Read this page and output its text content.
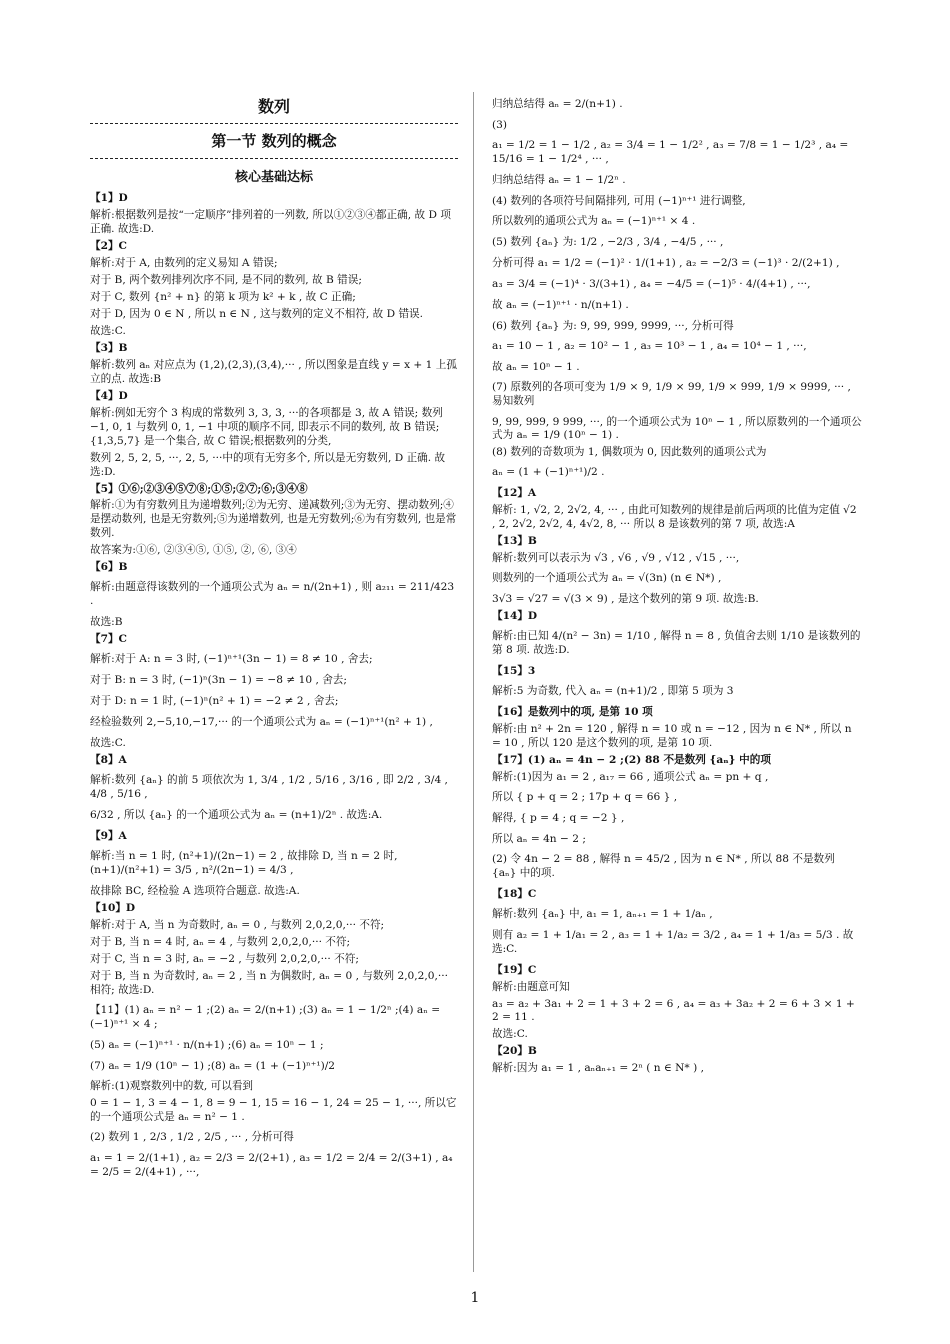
数列
第一节 数列的概念
核心基础达标
【1】D
解析:根据数列是按“一定顺序”排列着的一列数, 所以①②③④都正确, 故 D 项正确. 故选:D.
【2】C
解析:对于 A, 由数列的定义易知 A 错误;
对于 B, 两个数列排列次序不同, 是不同的数列, 故 B 错误;
对于 C, 数列 {n² + n} 的第 k 项为 k² + k , 故 C 正确;
对于 D, 因为 0 ∈ N , 所以 n ∈ N , 这与数列的定义不相符, 故 D 错误.
故选:C.
【3】B
解析:数列 aₙ 对应点为 (1,2),(2,3),(3,4),··· , 所以图象是直线 y = x + 1 上孤立的点. 故选:B
【4】D
解析:例如无穷个 3 构成的常数列 3, 3, 3, ···的各项都是 3, 故 A 错误; 数列 −1, 0, 1 与数列 0, 1, −1 中项的顺序不同, 即表示不同的数列, 故 B 错误; {1,3,5,7} 是一个集合, 故 C 错误;根据数列的分类,
数列 2, 5, 2, 5, ···, 2, 5, ···中的项有无穷多个, 所以是无穷数列, D 正确. 故选:D.
【5】①⑥;②③④⑤⑦⑧;①⑤;②⑦;⑥;③④⑧
解析:①为有穷数列且为递增数列;②为无穷、递减数列;③为无穷、摆动数列;④是摆动数列, 也是无穷数列;⑤为递增数列, 也是无穷数列;⑥为有穷数列, 也是常数列.
故答案为:①⑥, ②③④⑤, ①⑤, ②, ⑥, ③④
【6】B
解析:由题意得该数列的一个通项公式为 aₙ = n/(2n+1) , 则 a₂₁₁ = 211/423 .
故选:B
【7】C
解析:对于 A: n = 3 时, (−1)ⁿ⁺¹(3n − 1) = 8 ≠ 10 , 舍去;
对于 B: n = 3 时, (−1)ⁿ(3n − 1) = −8 ≠ 10 , 舍去;
对于 D: n = 1 时, (−1)ⁿ(n² + 1) = −2 ≠ 2 , 舍去;
经检验数列 2,−5,10,−17,··· 的一个通项公式为 aₙ = (−1)ⁿ⁺¹(n² + 1) ,
故选:C.
【8】A
解析:数列 {aₙ} 的前 5 项依次为 1, 3/4 , 1/2 , 5/16 , 3/16 , 即 2/2 , 3/4 , 4/8 , 5/16 ,
6/32 , 所以 {aₙ} 的一个通项公式为 aₙ = (n+1)/2ⁿ . 故选:A.
【9】A
解析:当 n = 1 时, (n²+1)/(2n−1) = 2 , 故排除 D, 当 n = 2 时, (n+1)/(n²+1) = 3/5 , n²/(2n−1) = 4/3 ,
故排除 BC, 经检验 A 选项符合题意. 故选:A.
【10】D
解析:对于 A, 当 n 为奇数时, aₙ = 0 , 与数列 2,0,2,0,··· 不符;
对于 B, 当 n = 4 时, aₙ = 4 , 与数列 2,0,2,0,··· 不符;
对于 C, 当 n = 3 时, aₙ = −2 , 与数列 2,0,2,0,··· 不符;
对于 B, 当 n 为奇数时, aₙ = 2 , 当 n 为偶数时, aₙ = 0 , 与数列 2,0,2,0,··· 相符; 故选:D.
【11】(1) aₙ = n² − 1 ;(2) aₙ = 2/(n+1) ;(3) aₙ = 1 − 1/2ⁿ ;(4) aₙ = (−1)ⁿ⁺¹ × 4 ;
(5) aₙ = (−1)ⁿ⁺¹ · n/(n+1) ;(6) aₙ = 10ⁿ − 1 ;
(7) aₙ = 1/9 (10ⁿ − 1) ;(8) aₙ = (1 + (−1)ⁿ⁺¹)/2
解析:(1)观察数列中的数, 可以看到
0 = 1 − 1, 3 = 4 − 1, 8 = 9 − 1, 15 = 16 − 1, 24 = 25 − 1, ···, 所以它的一个通项公式是 aₙ = n² − 1 .
(2) 数列 1 , 2/3 , 1/2 , 2/5 , ··· , 分析可得
a₁ = 1 = 2/(1+1) , a₂ = 2/3 = 2/(2+1) , a₃ = 1/2 = 2/4 = 2/(3+1) , a₄ = 2/5 = 2/(4+1) , ···,
归纳总结得 aₙ = 2/(n+1) .
(3)
a₁ = 1/2 = 1 − 1/2 , a₂ = 3/4 = 1 − 1/2² , a₃ = 7/8 = 1 − 1/2³ , a₄ = 15/16 = 1 − 1/2⁴ , ··· ,
归纳总结得 aₙ = 1 − 1/2ⁿ .
(4) 数列的各项符号间隔排列, 可用 (−1)ⁿ⁺¹ 进行调整,
所以数列的通项公式为 aₙ = (−1)ⁿ⁺¹ × 4 .
(5) 数列 {aₙ} 为: 1/2 , −2/3 , 3/4 , −4/5 , ··· ,
分析可得 a₁ = 1/2 = (−1)² · 1/(1+1) , a₂ = −2/3 = (−1)³ · 2/(2+1) ,
a₃ = 3/4 = (−1)⁴ · 3/(3+1) , a₄ = −4/5 = (−1)⁵ · 4/(4+1) , ···,
故 aₙ = (−1)ⁿ⁺¹ · n/(n+1) .
(6) 数列 {aₙ} 为: 9, 99, 999, 9999, ···, 分析可得
a₁ = 10 − 1 , a₂ = 10² − 1 , a₃ = 10³ − 1 , a₄ = 10⁴ − 1 , ···,
故 aₙ = 10ⁿ − 1 .
(7) 原数列的各项可变为 1/9 × 9, 1/9 × 99, 1/9 × 999, 1/9 × 9999, ··· , 易知数列
9, 99, 999, 9 999, ···, 的一个通项公式为 10ⁿ − 1 , 所以原数列的一个通项公式为 aₙ = 1/9 (10ⁿ − 1) .
(8) 数列的奇数项为 1, 偶数项为 0, 因此数列的通项公式为
aₙ = (1 + (−1)ⁿ⁺¹)/2 .
【12】A
解析: 1, √2, 2, 2√2, 4, ··· , 由此可知数列的规律是前后两项的比值为定值 √2 , 2, 2√2, 2√2, 4, 4√2, 8, ··· 所以 8 是该数列的第 7 项, 故选:A
【13】B
解析:数列可以表示为 √3 , √6 , √9 , √12 , √15 , ···,
则数列的一个通项公式为 aₙ = √(3n) (n ∈ N*) ,
3√3 = √27 = √(3 × 9) , 是这个数列的第 9 项. 故选:B.
【14】D
解析:由已知 4/(n² − 3n) = 1/10 , 解得 n = 8 , 负值舍去则 1/10 是该数列的第 8 项. 故选:D.
【15】3
解析:5 为奇数, 代入 aₙ = (n+1)/2 , 即第 5 项为 3
【16】是数列中的项, 是第 10 项
解析:由 n² + 2n = 120 , 解得 n = 10 或 n = −12 , 因为 n ∈ N* , 所以 n = 10 , 所以 120 是这个数列的项, 是第 10 项.
【17】(1) aₙ = 4n − 2 ;(2) 88 不是数列 {aₙ} 中的项
解析:(1)因为 a₁ = 2 , a₁₇ = 66 , 通项公式 aₙ = pn + q ,
所以 { p + q = 2 ; 17p + q = 66 } ,
解得, { p = 4 ; q = −2 } ,
所以 aₙ = 4n − 2 ;
(2) 令 4n − 2 = 88 , 解得 n = 45/2 , 因为 n ∈ N* , 所以 88 不是数列 {aₙ} 中的项.
【18】C
解析:数列 {aₙ} 中, a₁ = 1, aₙ₊₁ = 1 + 1/aₙ ,
则有 a₂ = 1 + 1/a₁ = 2 , a₃ = 1 + 1/a₂ = 3/2 , a₄ = 1 + 1/a₃ = 5/3 . 故选:C.
【19】C
解析:由题意可知
a₃ = a₂ + 3a₁ + 2 = 1 + 3 + 2 = 6 , a₄ = a₃ + 3a₂ + 2 = 6 + 3 × 1 + 2 = 11 .
故选:C.
【20】B
解析:因为 a₁ = 1 , aₙaₙ₊₁ = 2ⁿ ( n ∈ N* ) ,
1
